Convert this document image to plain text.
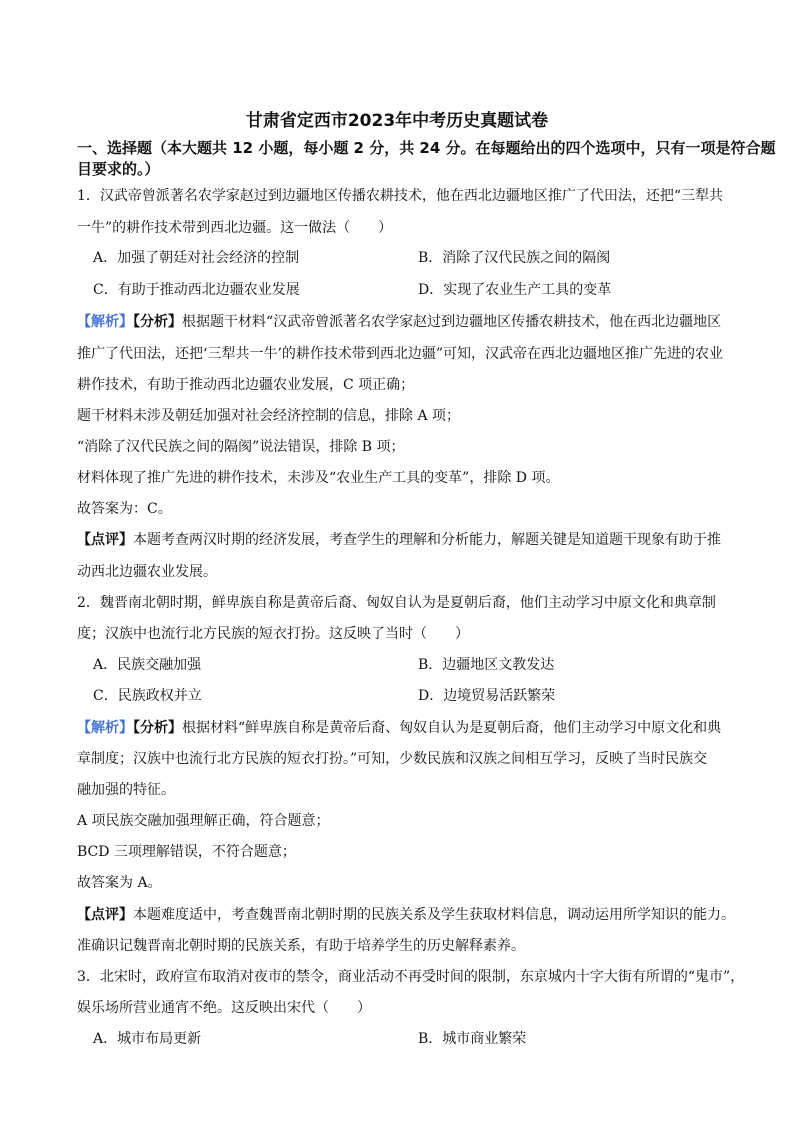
甘肃省定西市2023年中考历史真题试卷
一、选择题（本大题共 12 小题，每小题 2 分，共 24 分。在每题给出的四个选项中，只有一项是符合题目要求的。）
1．汉武帝曾派著名农学家赵过到边疆地区传播农耕技术，他在西北边疆地区推广了代田法，还把“三犁共
一牛”的耕作技术带到西北边疆。这一做法（　　）
A．加强了朝廷对社会经济的控制	B．消除了汉代民族之间的隔阂
C．有助于推动西北边疆农业发展	D．实现了农业生产工具的变革
【解析】【分析】根据题干材料“汉武帝曾派著名农学家赵过到边疆地区传播农耕技术，他在西北边疆地区
推广了代田法，还把‘三犁共一牛’的耕作技术带到西北边疆”可知，汉武帝在西北边疆地区推广先进的农业
耕作技术，有助于推动西北边疆农业发展，C 项正确；
题干材料未涉及朝廷加强对社会经济控制的信息，排除 A 项；
“消除了汉代民族之间的隔阂”说法错误，排除 B 项；
材料体现了推广先进的耕作技术，未涉及“农业生产工具的变革”，排除 D 项。
故答案为：C。
【点评】本题考查两汉时期的经济发展，考查学生的理解和分析能力，解题关键是知道题干现象有助于推
动西北边疆农业发展。
2．魏晋南北朝时期，鲜卑族自称是黄帝后裔、匈奴自认为是夏朝后裔，他们主动学习中原文化和典章制
度；汉族中也流行北方民族的短衣打扮。这反映了当时（　　）
A．民族交融加强	B．边疆地区文教发达
C．民族政权并立	D．边境贸易活跃繁荣
【解析】【分析】根据材料“鲜卑族自称是黄帝后裔、匈奴自认为是夏朝后裔，他们主动学习中原文化和典
章制度；汉族中也流行北方民族的短衣打扮。”可知，少数民族和汉族之间相互学习，反映了当时民族交
融加强的特征。
A 项民族交融加强理解正确，符合题意；
BCD 三项理解错误，不符合题意；
故答案为 A。
【点评】本题难度适中，考查魏晋南北朝时期的民族关系及学生获取材料信息，调动运用所学知识的能力。
准确识记魏晋南北朝时期的民族关系，有助于培养学生的历史解释素养。
3．北宋时，政府宣布取消对夜市的禁令，商业活动不再受时间的限制，东京城内十字大街有所谓的“鬼市”，
娱乐场所营业通宵不绝。这反映出宋代（　　）
A．城市布局更新	B．城市商业繁荣
